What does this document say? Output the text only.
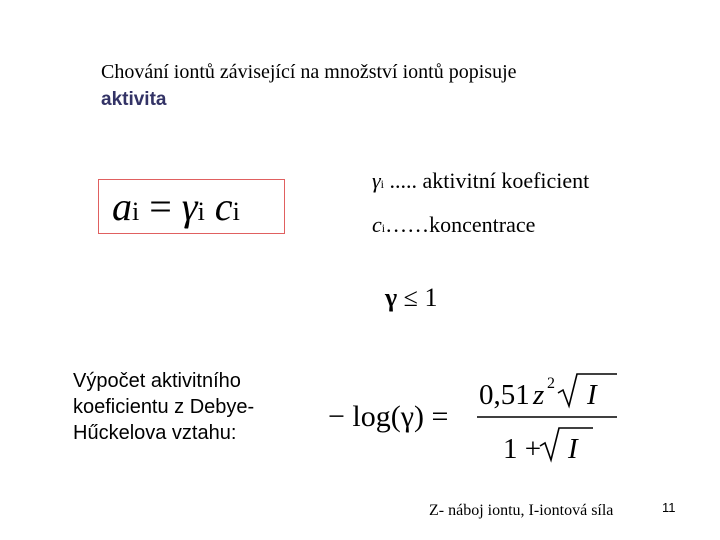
Chování iontů závisející na množství iontů popisuje
aktivita
ai = γi ci
γi ..... aktivitní koeficient
ci……koncentrace
γ ≤ 1
Výpočet aktivitního
koeficientu z Debye-
Hűckelova vztahu:	− log(γ) =
0,51 z 2 I
1 + I
Z- náboj iontu, I-iontová síla	11
